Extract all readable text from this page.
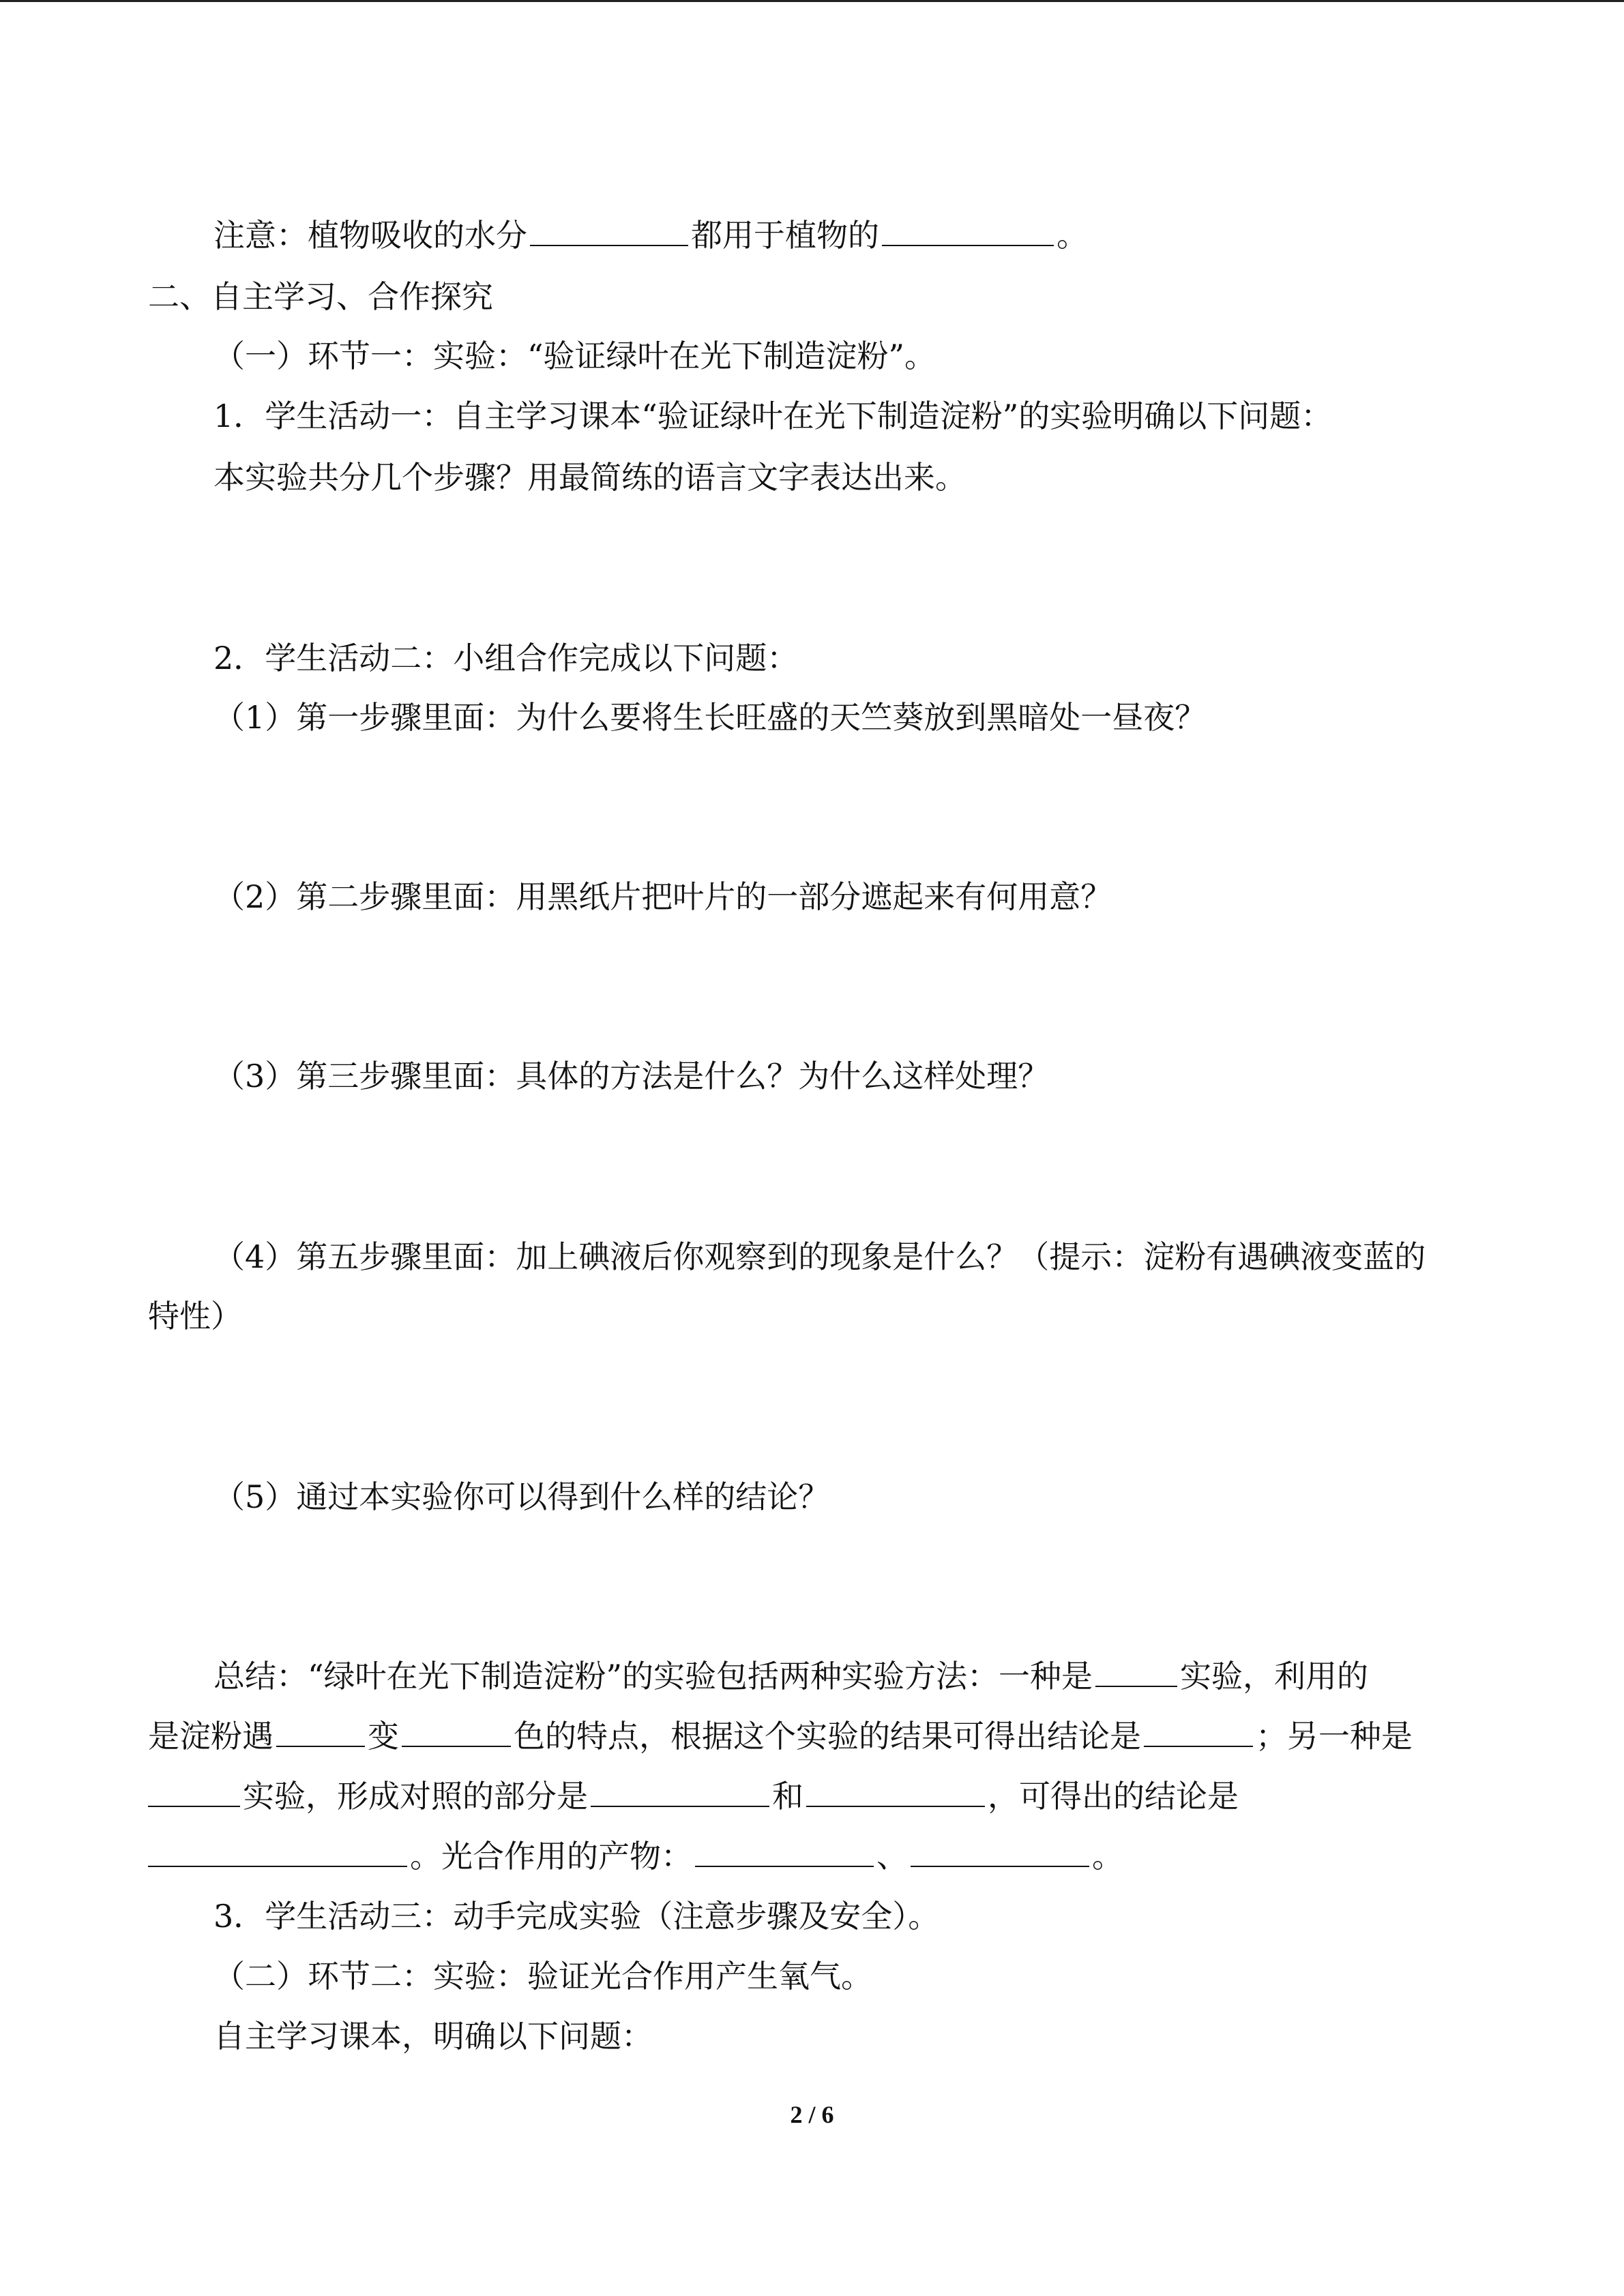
注意：植物吸收的水分	都用于植物的	。
二、自主学习、合作探究
（一）环节一：实验：“验证绿叶在光下制造淀粉”。
1．学生活动一：自主学习课本“验证绿叶在光下制造淀粉”的实验明确以下问题：
本实验共分几个步骤？用最简练的语言文字表达出来。
2．学生活动二：小组合作完成以下问题：
（1）第一步骤里面：为什么要将生长旺盛的天竺葵放到黑暗处一昼夜？
（2）第二步骤里面：用黑纸片把叶片的一部分遮起来有何用意？
（3）第三步骤里面：具体的方法是什么？为什么这样处理？
（4）第五步骤里面：加上碘液后你观察到的现象是什么？（提示：淀粉有遇碘液变蓝的
特性）
（5）通过本实验你可以得到什么样的结论？
总结：“绿叶在光下制造淀粉”的实验包括两种实验方法：一种是	实验，利用的
是淀粉遇	变	色的特点，根据这个实验的结果可得出结论是	；另一种是
实验，形成对照的部分是	和	，可得出的结论是
。光合作用的产物：	、	。
3．学生活动三：动手完成实验（注意步骤及安全）。
（二）环节二：实验：验证光合作用产生氧气。
自主学习课本，明确以下问题：
2 / 6
